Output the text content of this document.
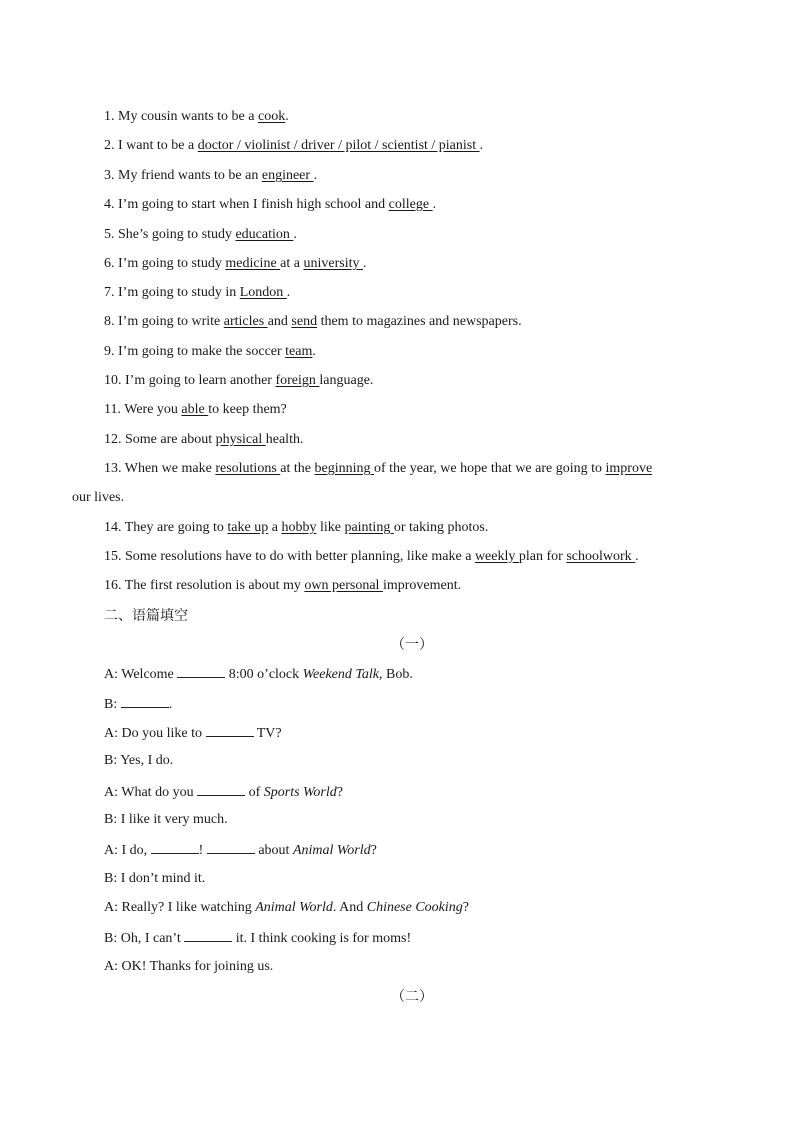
1. My cousin wants to be a cook.
2. I want to be a doctor / violinist / driver / pilot / scientist / pianist .
3. My friend wants to be an engineer .
4. I’m going to start when I finish high school and college .
5. She’s going to study education .
6. I’m going to study medicine at a university .
7. I’m going to study in London .
8. I’m going to write articles and send them to magazines and newspapers.
9. I’m going to make the soccer team.
10. I’m going to learn another foreign language.
11. Were you able to keep them?
12. Some are about physical health.
13. When we make resolutions at the beginning of the year, we hope that we are going to improve
our lives.
14. They are going to take up a hobby like painting or taking photos.
15. Some resolutions have to do with better planning, like make a weekly plan for schoolwork .
16. The first resolution is about my own personal improvement.
二、语篇填空
（一）
A: Welcome	8:00 o’clock Weekend Talk, Bob.
B:	.
A: Do you like to	TV?
B: Yes, I do.
A: What do you	of Sports World?
B: I like it very much.
A: I do,	!	about Animal World?
B: I don’t mind it.
A: Really? I like watching Animal World. And Chinese Cooking?
B: Oh, I can’t	it. I think cooking is for moms!
A: OK! Thanks for joining us.
（二）
